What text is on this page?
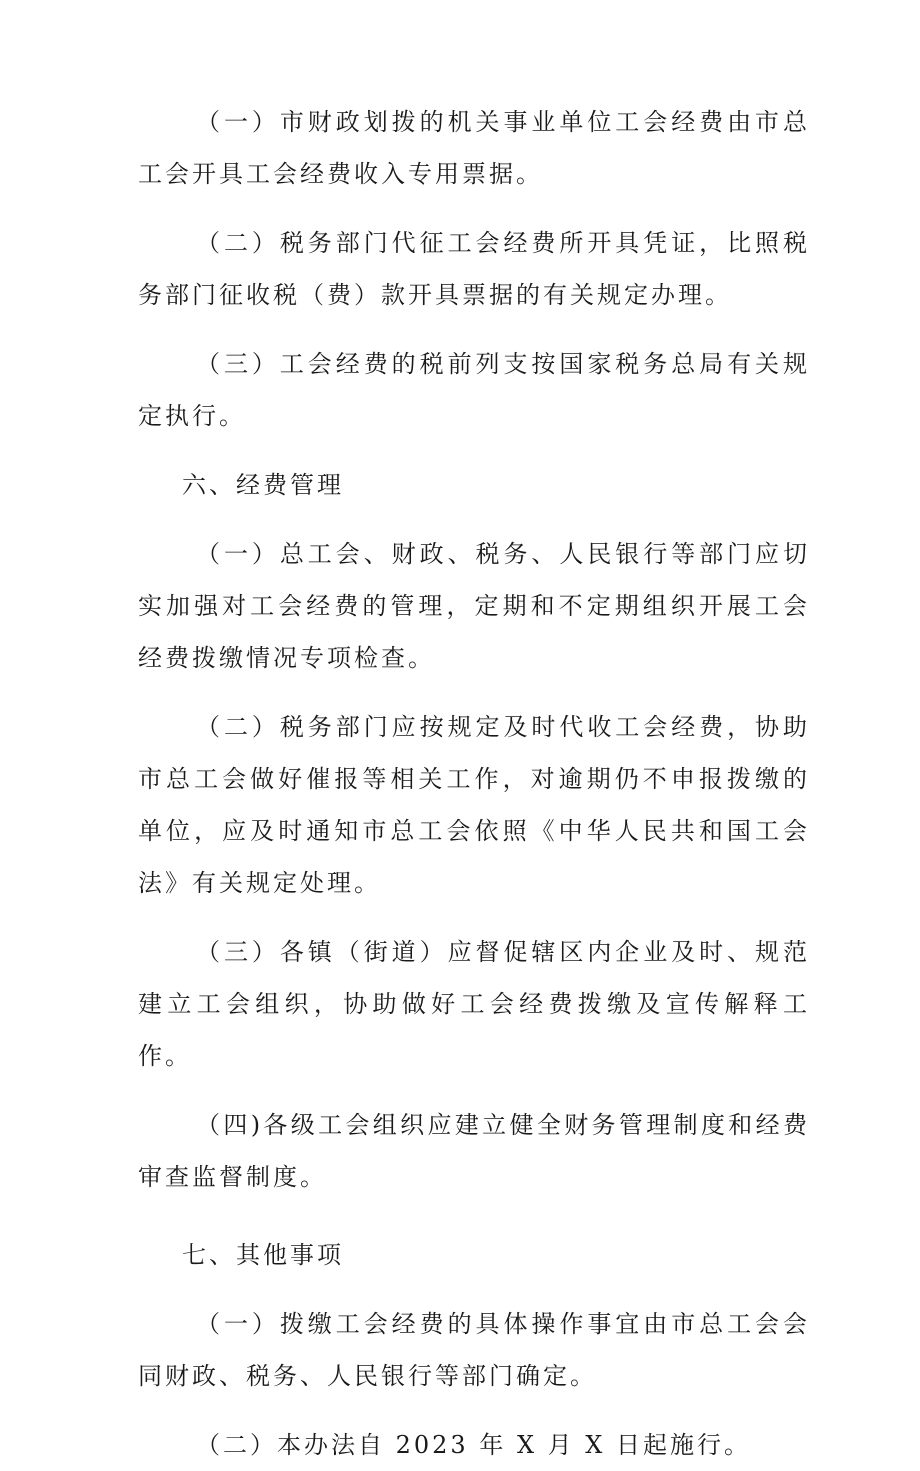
（一）市财政划拨的机关事业单位工会经费由市总工会开具工会经费收入专用票据。

（二）税务部门代征工会经费所开具凭证，比照税务部门征收税（费）款开具票据的有关规定办理。

（三）工会经费的税前列支按国家税务总局有关规定执行。

六、经费管理

（一）总工会、财政、税务、人民银行等部门应切实加强对工会经费的管理，定期和不定期组织开展工会经费拨缴情况专项检查。

（二）税务部门应按规定及时代收工会经费，协助市总工会做好催报等相关工作，对逾期仍不申报拨缴的单位，应及时通知市总工会依照《中华人民共和国工会法》有关规定处理。

（三）各镇（街道）应督促辖区内企业及时、规范建立工会组织，协助做好工会经费拨缴及宣传解释工作。

（四)各级工会组织应建立健全财务管理制度和经费审查监督制度。

七、其他事项

（一）拨缴工会经费的具体操作事宜由市总工会会同财政、税务、人民银行等部门确定。

（二）本办法自 2023 年 X 月 X 日起施行。
